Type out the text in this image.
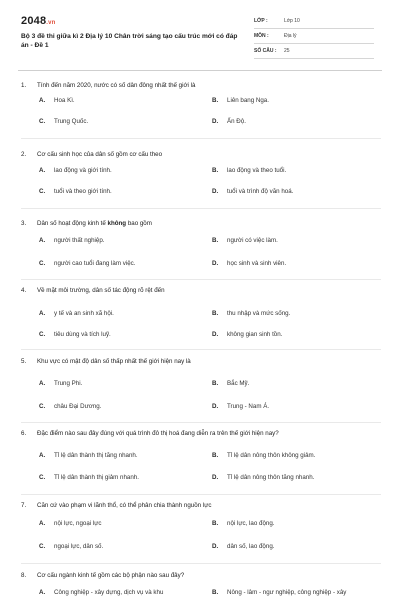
2048.vn
Bộ 3 đề thi giữa kì 2 Địa lý 10 Chân trời sáng tạo cấu trúc mới có đáp án - Đề 1
LỚP :	Lớp 10
MÔN :	Địa lý
SỐ CÂU :	25
1.	Tính đến năm 2020, nước có số dân đông nhất thế giới là
A.	Hoa Kì.	B.	Liên bang Nga.
C.	Trung Quốc.	D.	Ấn Độ.
2.	Cơ cấu sinh học của dân số gồm cơ cấu theo
A.	lao động và giới tính.	B.	lao động và theo tuổi.
C.	tuổi và theo giới tính.	D.	tuổi và trình độ văn hoá.
3.	Dân số hoạt động kinh tế không bao gồm
A.	người thất nghiệp.	B.	người có việc làm.
C.	người cao tuổi đang làm việc.	D.	học sinh và sinh viên.
4.	Về mặt môi trường, dân số tác động rõ rệt đến
A.	y tế và an sinh xã hội.	B.	thu nhập và mức sống.
C.	tiêu dùng và tích luỹ.	D.	không gian sinh tồn.
5.	Khu vực có mật độ dân số thấp nhất thế giới hiện nay là
A.	Trung Phi.	B.	Bắc Mỹ.
C.	châu Đại Dương.	D.	Trung - Nam Á.
6.	Đặc điểm nào sau đây đúng với quá trình đô thị hoá đang diễn ra trên thế giới hiện nay?
A.	Tỉ lệ dân thành thị tăng nhanh.	B.	Tỉ lệ dân nông thôn không giảm.
C.	Tỉ lệ dân thành thị giảm nhanh.	D.	Tỉ lệ dân nông thôn tăng nhanh.
7.	Căn cứ vào phạm vi lãnh thổ, có thể phân chia thành nguồn lực
A.	nội lực, ngoại lực	B.	nội lực, lao động.
C.	ngoại lực, dân số.	D.	dân số, lao động.
8.	Cơ cấu ngành kinh tế gồm các bộ phận nào sau đây?
A.	Công nghiệp - xây dựng, dịch vụ và khu	B.	Nông - lâm - ngư nghiệp, công nghiệp - xây
